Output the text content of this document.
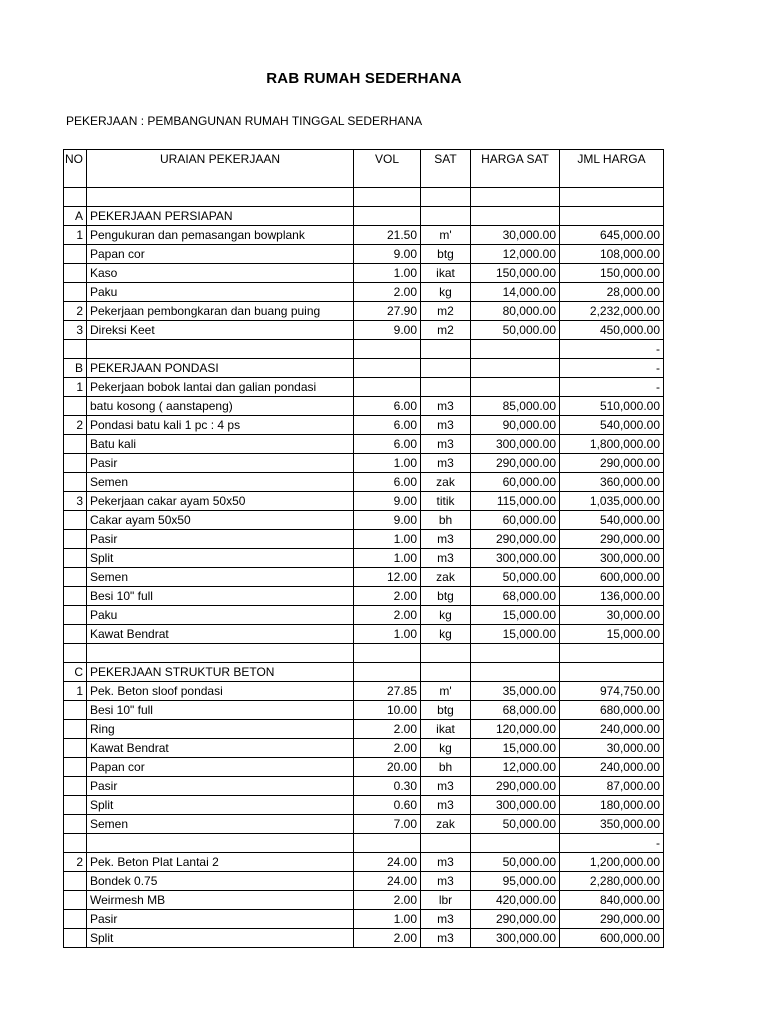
RAB RUMAH SEDERHANA
PEKERJAAN : PEMBANGUNAN RUMAH TINGGAL SEDERHANA
NO	URAIAN PEKERJAAN	VOL	SAT	HARGA SAT	JML HARGA

A	PEKERJAAN PERSIAPAN				
1	Pengukuran dan pemasangan bowplank	21.50	m'	30,000.00	645,000.00
	Papan cor	9.00	btg	12,000.00	108,000.00
	Kaso	1.00	ikat	150,000.00	150,000.00
	Paku	2.00	kg	14,000.00	28,000.00
2	Pekerjaan pembongkaran dan buang puing	27.90	m2	80,000.00	2,232,000.00
3	Direksi Keet	9.00	m2	50,000.00	450,000.00
					-
B	PEKERJAAN PONDASI				-
1	Pekerjaan bobok lantai dan galian pondasi				-
	batu kosong ( aanstapeng)	6.00	m3	85,000.00	510,000.00
2	Pondasi batu kali 1 pc : 4 ps	6.00	m3	90,000.00	540,000.00
	Batu kali	6.00	m3	300,000.00	1,800,000.00
	Pasir	1.00	m3	290,000.00	290,000.00
	Semen	6.00	zak	60,000.00	360,000.00
3	Pekerjaan cakar ayam 50x50	9.00	titik	115,000.00	1,035,000.00
	Cakar ayam 50x50	9.00	bh	60,000.00	540,000.00
	Pasir	1.00	m3	290,000.00	290,000.00
	Split	1.00	m3	300,000.00	300,000.00
	Semen	12.00	zak	50,000.00	600,000.00
	Besi 10" full	2.00	btg	68,000.00	136,000.00
	Paku	2.00	kg	15,000.00	30,000.00
	Kawat Bendrat	1.00	kg	15,000.00	15,000.00

C	PEKERJAAN STRUKTUR BETON				
1	Pek. Beton sloof pondasi	27.85	m'	35,000.00	974,750.00
	Besi 10" full	10.00	btg	68,000.00	680,000.00
	Ring	2.00	ikat	120,000.00	240,000.00
	Kawat Bendrat	2.00	kg	15,000.00	30,000.00
	Papan cor	20.00	bh	12,000.00	240,000.00
	Pasir	0.30	m3	290,000.00	87,000.00
	Split	0.60	m3	300,000.00	180,000.00
	Semen	7.00	zak	50,000.00	350,000.00
					-
2	Pek. Beton Plat Lantai 2	24.00	m3	50,000.00	1,200,000.00
	Bondek 0.75	24.00	m3	95,000.00	2,280,000.00
	Weirmesh MB	2.00	lbr	420,000.00	840,000.00
	Pasir	1.00	m3	290,000.00	290,000.00
	Split	2.00	m3	300,000.00	600,000.00
